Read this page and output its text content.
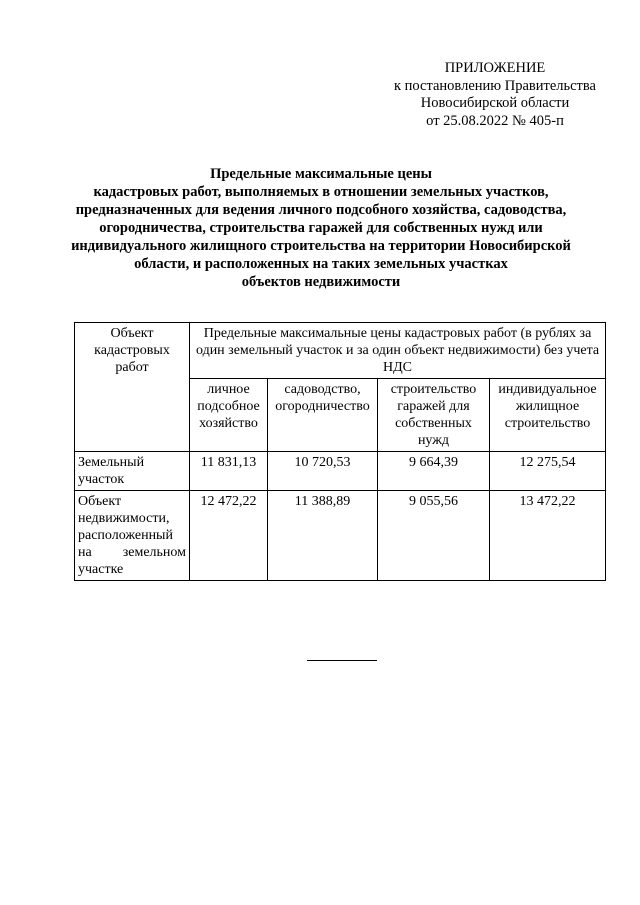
ПРИЛОЖЕНИЕ
к постановлению Правительства
Новосибирской области
от 25.08.2022 № 405-п
Предельные максимальные цены
кадастровых работ, выполняемых в отношении земельных участков,
предназначенных для ведения личного подсобного хозяйства, садоводства,
огородничества, строительства гаражей для собственных нужд или
индивидуального жилищного строительства на территории Новосибирской
области, и расположенных на таких земельных участках
объектов недвижимости
Объект кадастровых работ	Предельные максимальные цены кадастровых работ (в рублях за один земельный участок и за один объект недвижимости) без учета НДС			
	личное подсобное хозяйство	садоводство, огородничество	строительство гаражей для собственных нужд	индивидуальное жилищное строительство
Земельный участок	11 831,13	10 720,53	9 664,39	12 275,54

Объект
недвижимости,
расположенный
на земельном
участке	12 472,22	11 388,89	9 055,56	13 472,22
